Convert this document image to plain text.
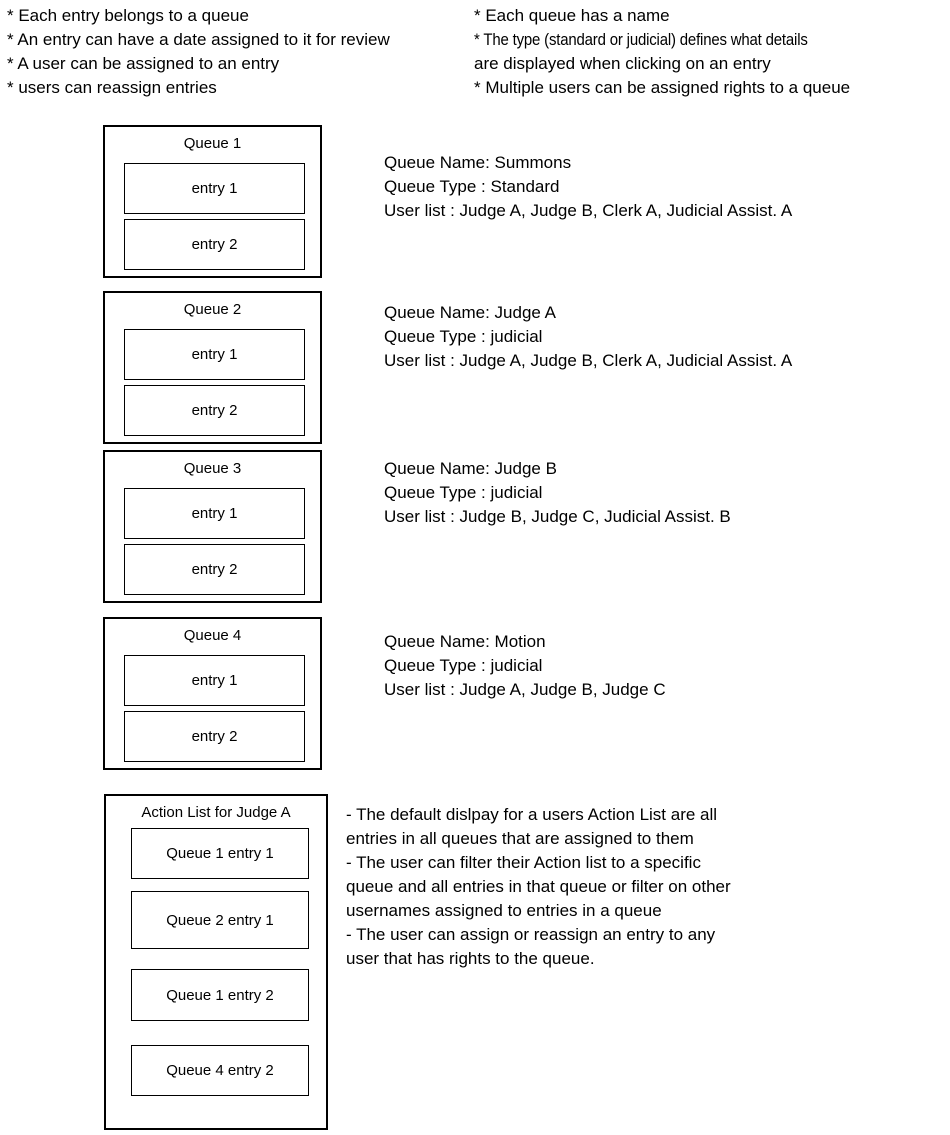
* Each entry belongs to a queue
* An entry can have a date assigned to it for review
* A user can be assigned to an entry
* users can reassign entries
* Each queue has a name
* The type (standard or judicial) defines what details
are displayed when clicking on an entry
* Multiple users can be assigned rights to a queue
Queue 1
entry 1
entry 2
Queue Name: Summons
Queue Type : Standard
User list : Judge A, Judge B, Clerk A, Judicial Assist. A
Queue 2
entry 1
entry 2
Queue Name: Judge A
Queue Type : judicial
User list : Judge A, Judge B, Clerk A, Judicial Assist. A
Queue 3
entry 1
entry 2
Queue Name: Judge B
Queue Type : judicial
User list : Judge B, Judge C, Judicial Assist. B
Queue 4
entry 1
entry 2
Queue Name: Motion
Queue Type : judicial
User list : Judge A, Judge B, Judge C
Action List for Judge A
Queue 1 entry 1
Queue 2 entry 1
Queue 1 entry 2
Queue 4 entry 2
- The default dislpay for a users Action List are all
entries in all queues that are assigned to them
- The user can filter their Action list to a specific
queue and all entries in that queue or filter on other
usernames assigned to entries in a queue
- The user can assign or reassign an entry to any
user that has rights to the queue.
